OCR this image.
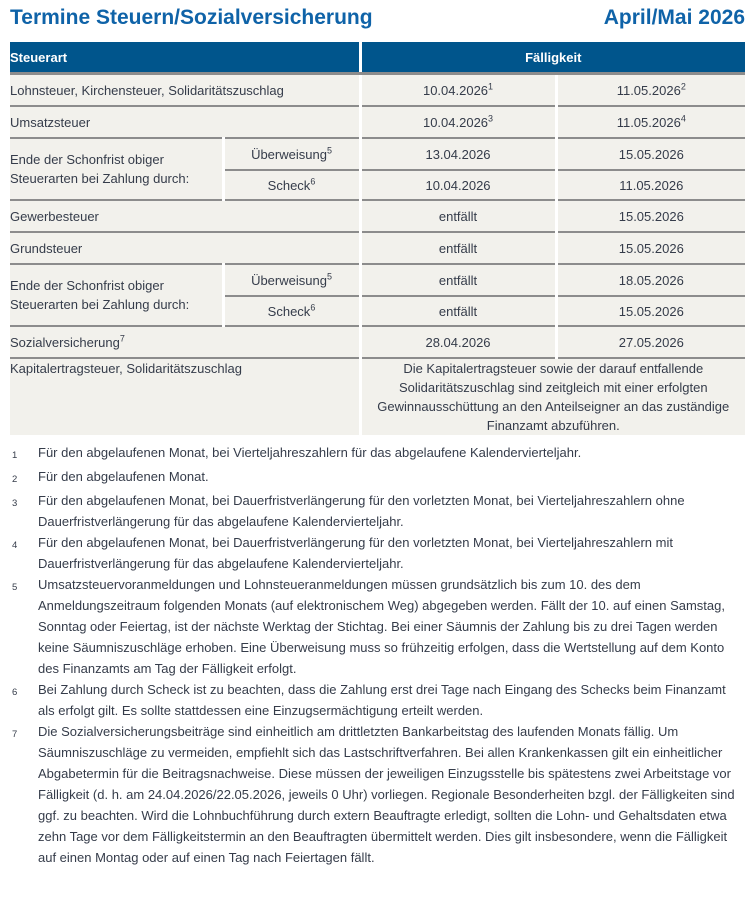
Termine Steuern/Sozialversicherung	April/Mai 2026
Steuerart		Fälligkeit	
Lohnsteuer, Kirchensteuer, Solidaritätszuschlag		10.04.2026$^1$	11.05.2026$^2$
Umsatzsteuer		10.04.2026$^3$	11.05.2026$^4$
Ende der Schonfrist obiger Steuerarten bei Zahlung durch:	Überweisung$^5$	13.04.2026	15.05.2026
	Scheck$^6$	10.04.2026	11.05.2026
Gewerbesteuer		entfällt	15.05.2026
Grundsteuer		entfällt	15.05.2026
Ende der Schonfrist obiger Steuerarten bei Zahlung durch:	Überweisung$^5$	entfällt	18.05.2026
	Scheck$^6$	entfällt	15.05.2026
Sozialversicherung$^7$		28.04.2026	27.05.2026
Kapitalertragsteuer, Solidaritätszuschlag		Die Kapitalertragsteuer sowie der darauf entfallende Solidaritätszuschlag sind zeitgleich mit einer erfolgten Gewinnausschüttung an den Anteilseigner an das zuständige Finanzamt abzuführen.	
1	Für den abgelaufenen Monat, bei Vierteljahreszahlern für das abgelaufene Kalendervierteljahr.
2	Für den abgelaufenen Monat.
3	Für den abgelaufenen Monat, bei Dauerfristverlängerung für den vorletzten Monat, bei Vierteljahreszahlern ohne Dauerfristverlängerung für das abgelaufene Kalendervierteljahr.
4	Für den abgelaufenen Monat, bei Dauerfristverlängerung für den vorletzten Monat, bei Vierteljahreszahlern mit Dauerfristverlängerung für das abgelaufene Kalendervierteljahr.
5	Umsatzsteuervoranmeldungen und Lohnsteueranmeldungen müssen grundsätzlich bis zum 10. des dem Anmeldungszeitraum folgenden Monats (auf elektronischem Weg) abgegeben werden. Fällt der 10. auf einen Samstag, Sonntag oder Feiertag, ist der nächste Werktag der Stichtag. Bei einer Säumnis der Zahlung bis zu drei Tagen werden keine Säumniszuschläge erhoben. Eine Überweisung muss so frühzeitig erfolgen, dass die Wertstellung auf dem Konto des Finanzamts am Tag der Fälligkeit erfolgt.
6	Bei Zahlung durch Scheck ist zu beachten, dass die Zahlung erst drei Tage nach Eingang des Schecks beim Finanzamt als erfolgt gilt. Es sollte stattdessen eine Einzugsermächtigung erteilt werden.
7	Die Sozialversicherungsbeiträge sind einheitlich am drittletzten Bankarbeitstag des laufenden Monats fällig. Um Säumniszuschläge zu vermeiden, empfiehlt sich das Lastschriftverfahren. Bei allen Krankenkassen gilt ein einheitlicher Abgabetermin für die Beitragsnachweise. Diese müssen der jeweiligen Einzugsstelle bis spätestens zwei Arbeitstage vor Fälligkeit (d. h. am 24.04.2026/22.05.2026, jeweils 0 Uhr) vorliegen. Regionale Besonderheiten bzgl. der Fälligkeiten sind ggf. zu beachten. Wird die Lohnbuchführung durch extern Beauftragte erledigt, sollten die Lohn- und Gehaltsdaten etwa zehn Tage vor dem Fälligkeitstermin an den Beauftragten übermittelt werden. Dies gilt insbesondere, wenn die Fälligkeit auf einen Montag oder auf einen Tag nach Feiertagen fällt.
